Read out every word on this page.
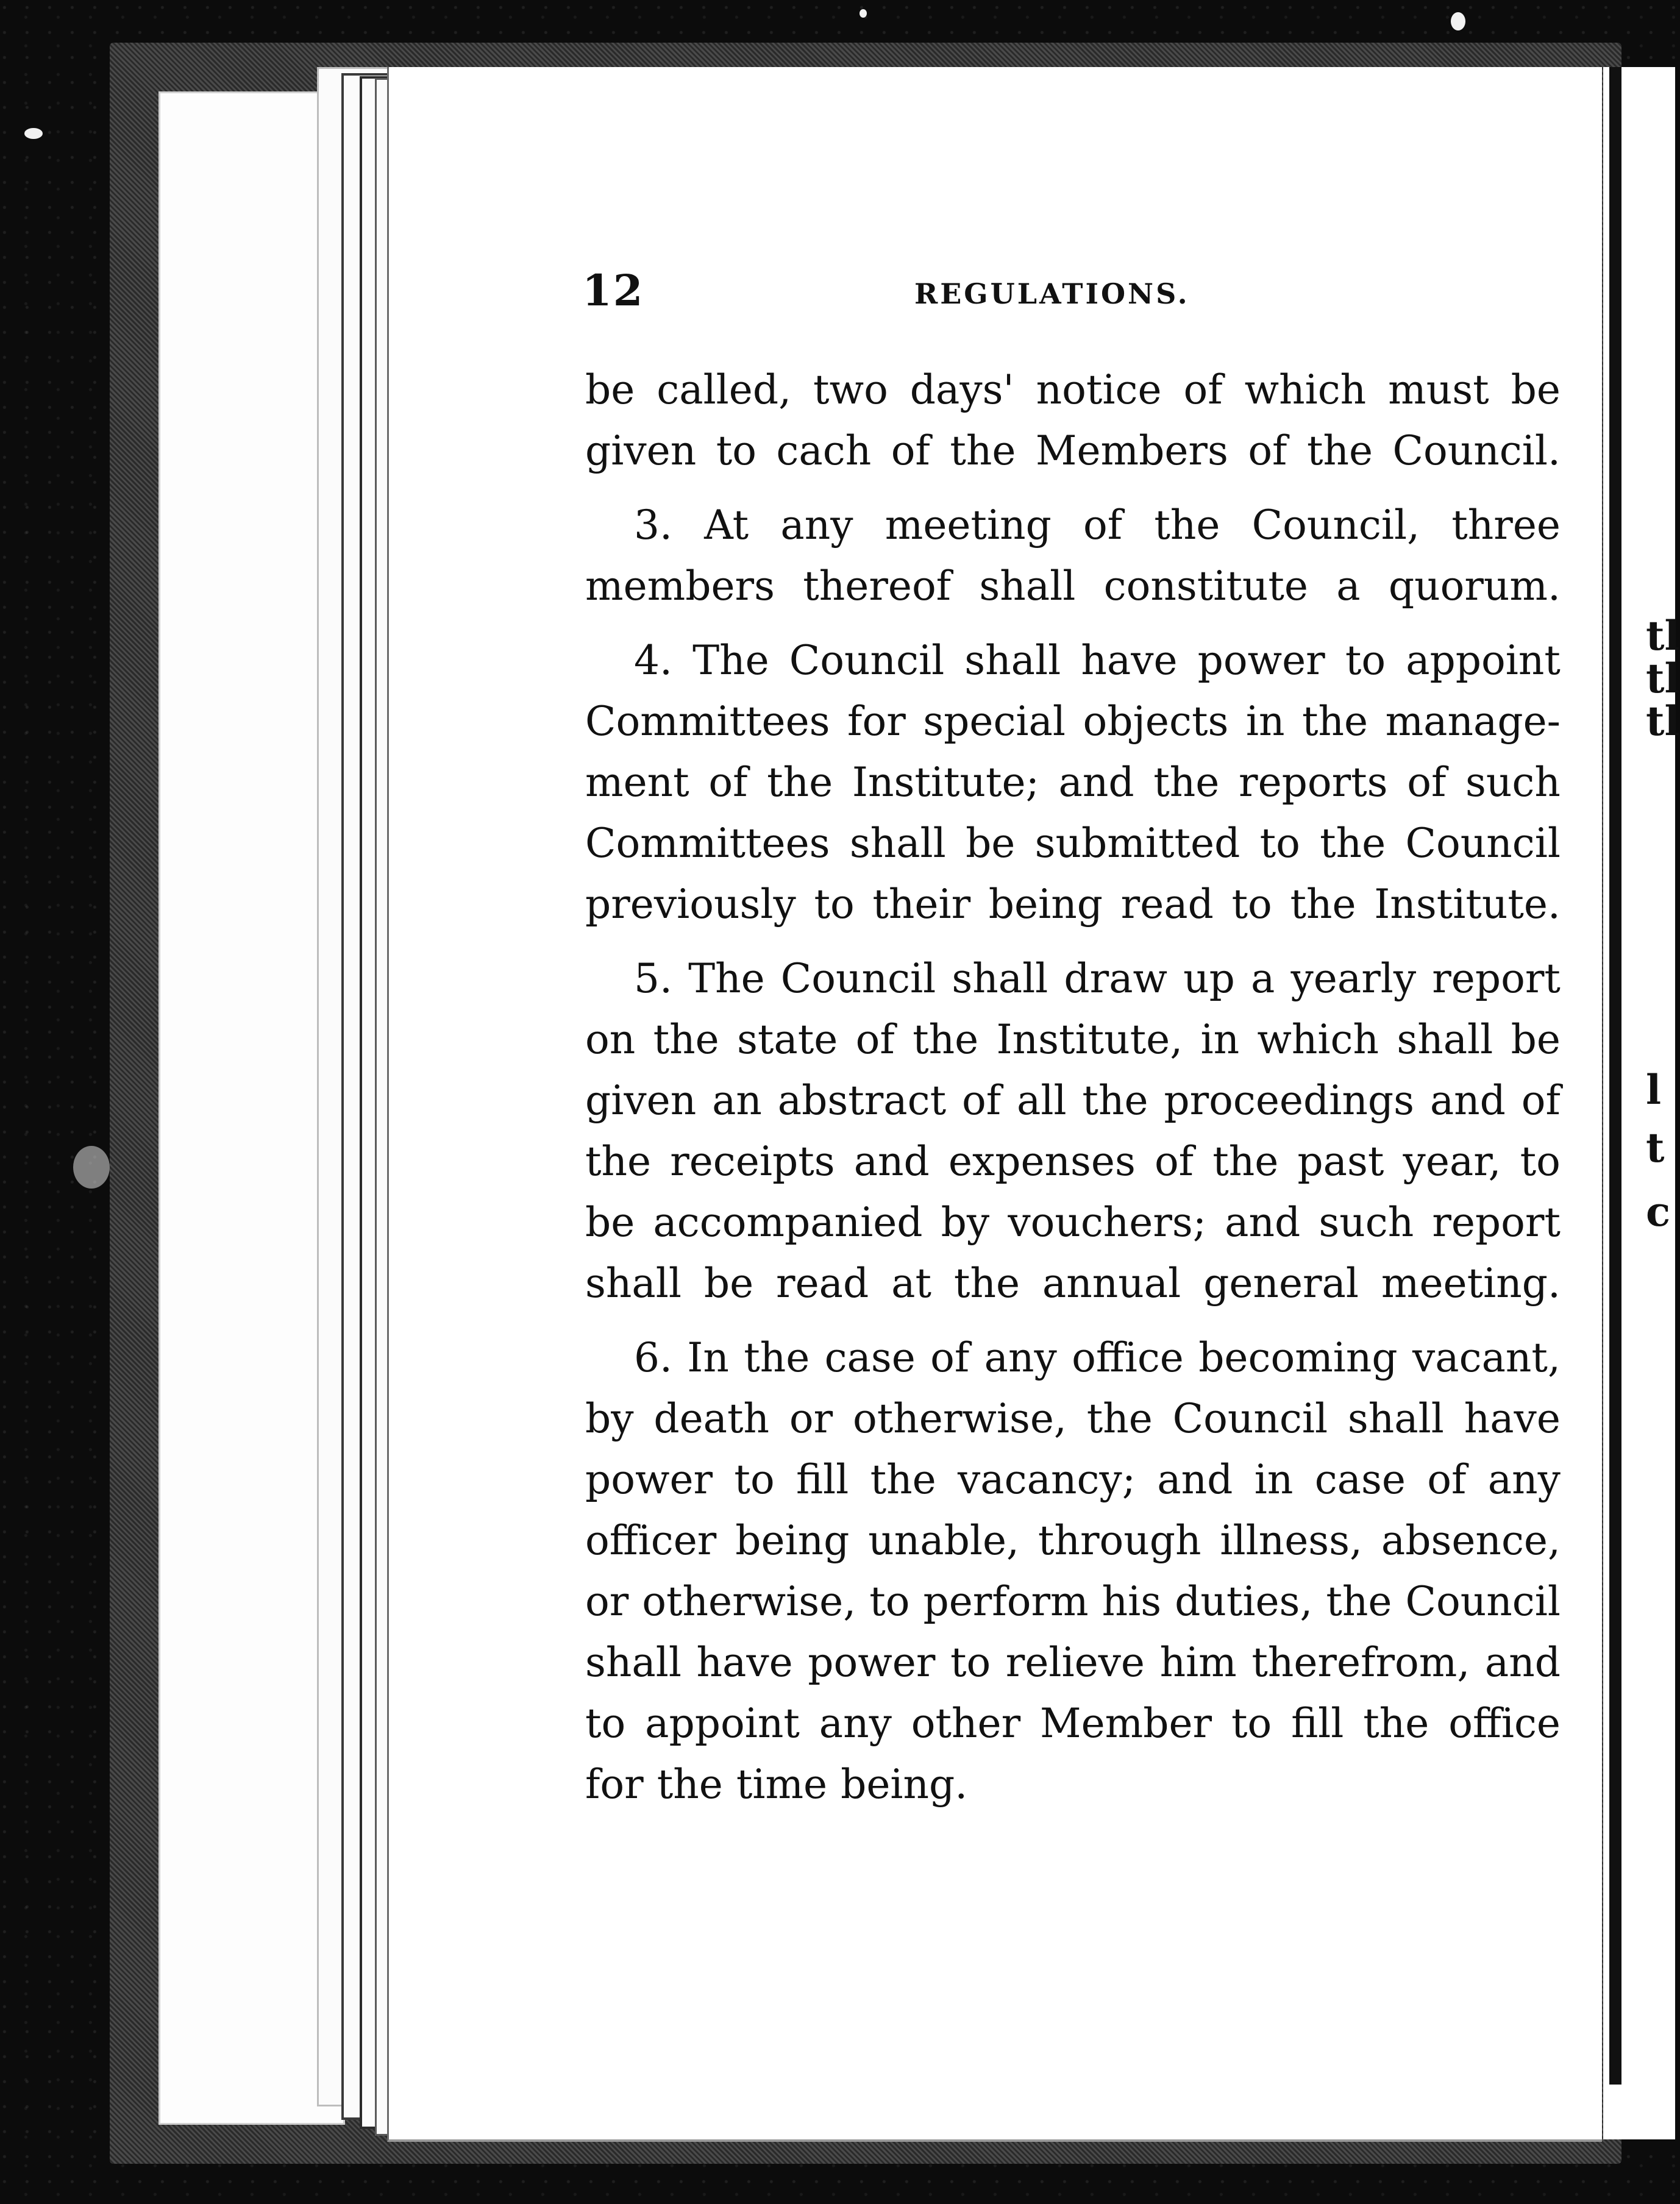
tl
tl
tl
l
t
c
12	REGULATIONS.
be called, two days' notice of which must be
given to cach of the Members of the Council.
3. At any meeting of the Council, three
members thereof shall constitute a quorum.
4. The Council shall have power to appoint
Committees for special objects in the manage-
ment of the Institute; and the reports of such
Committees shall be submitted to the Council
previously to their being read to the Institute.
5. The Council shall draw up a yearly report
on the state of the Institute, in which shall be
given an abstract of all the proceedings and of
the receipts and expenses of the past year, to
be accompanied by vouchers; and such report
shall be read at the annual general meeting.
6. In the case of any office becoming vacant,
by death or otherwise, the Council shall have
power to fill the vacancy; and in case of any
officer being unable, through illness, absence,
or otherwise, to perform his duties, the Council
shall have power to relieve him therefrom, and
to appoint any other Member to fill the office
for the time being.
